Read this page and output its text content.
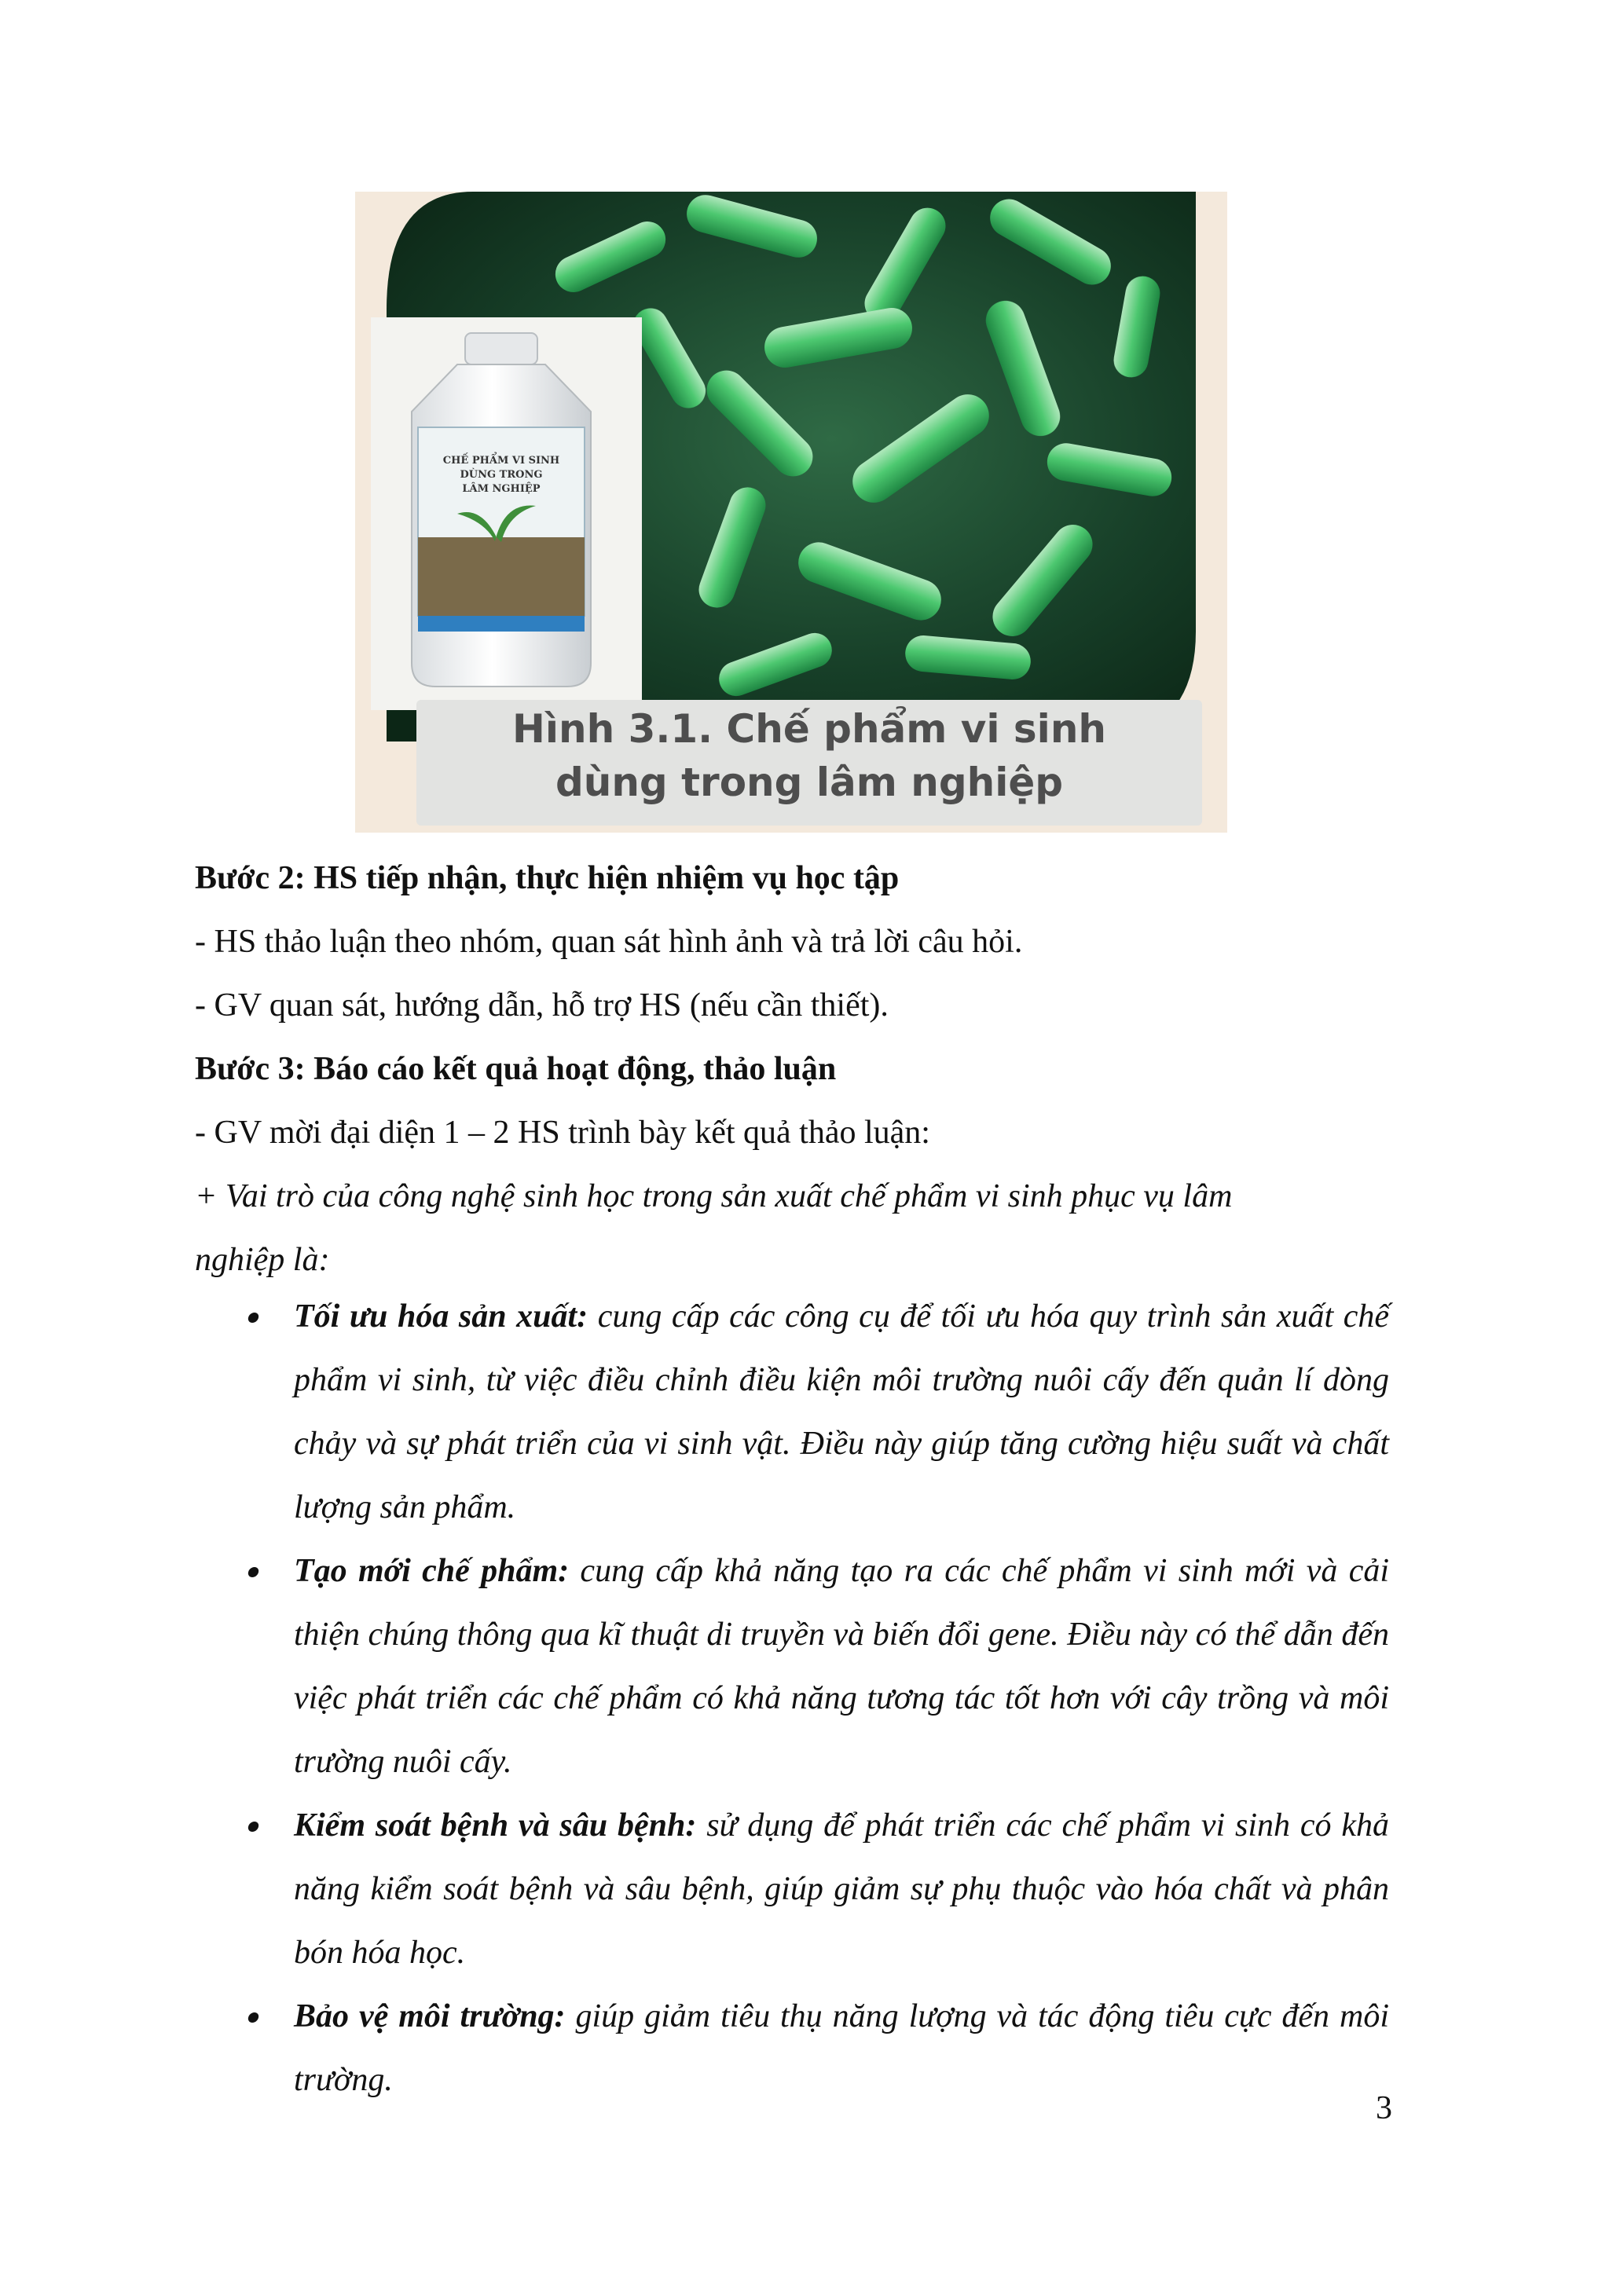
CHẾ PHẨM VI SINH
DÙNG TRONG
LÂM NGHIỆP
Hình 3.1. Chế phẩm vi sinh
dùng trong lâm nghiệp
Bước 2: HS tiếp nhận, thực hiện nhiệm vụ học tập
- HS thảo luận theo nhóm, quan sát hình ảnh và trả lời câu hỏi.
- GV quan sát, hướng dẫn, hỗ trợ HS (nếu cần thiết).
Bước 3: Báo cáo kết quả hoạt động, thảo luận
- GV mời đại diện 1 – 2 HS trình bày kết quả thảo luận:
+ Vai trò của công nghệ sinh học trong sản xuất chế phẩm vi sinh phục vụ lâm
nghiệp là:
Tối ưu hóa sản xuất: cung cấp các công cụ để tối ưu hóa quy trình sản xuất chế phẩm vi sinh, từ việc điều chỉnh điều kiện môi trường nuôi cấy đến quản lí dòng chảy và sự phát triển của vi sinh vật. Điều này giúp tăng cường hiệu suất và chất lượng sản phẩm.
Tạo mới chế phẩm: cung cấp khả năng tạo ra các chế phẩm vi sinh mới và cải thiện chúng thông qua kĩ thuật di truyền và biến đổi gene. Điều này có thể dẫn đến việc phát triển các chế phẩm có khả năng tương tác tốt hơn với cây trồng và môi trường nuôi cấy.
Kiểm soát bệnh và sâu bệnh: sử dụng để phát triển các chế phẩm vi sinh có khả năng kiểm soát bệnh và sâu bệnh, giúp giảm sự phụ thuộc vào hóa chất và phân bón hóa học.
Bảo vệ môi trường: giúp giảm tiêu thụ năng lượng và tác động tiêu cực đến môi trường.
3
